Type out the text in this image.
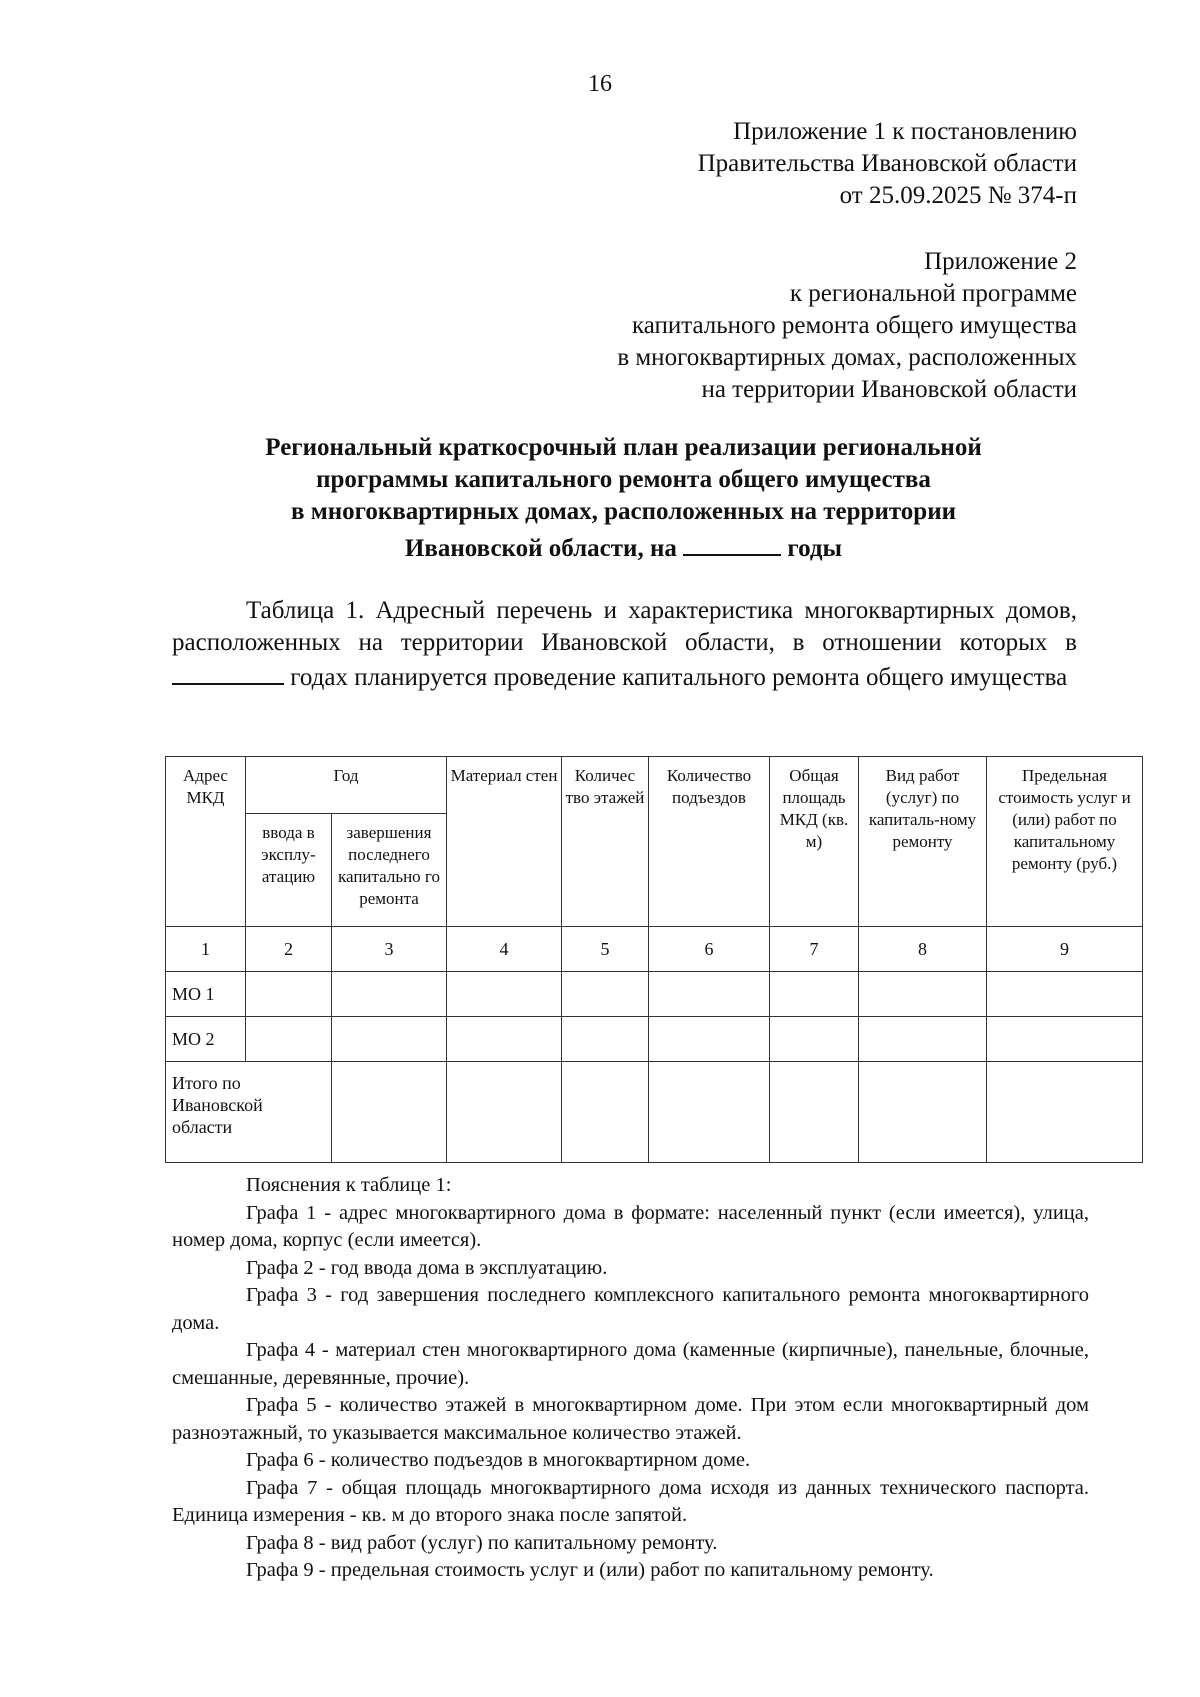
16
Приложение 1 к постановлению
Правительства Ивановской области
от 25.09.2025 № 374-п
Приложение 2
к региональной программе
капитального ремонта общего имущества
в многоквартирных домах, расположенных
на территории Ивановской области
Региональный краткосрочный план реализации региональной
программы капитального ремонта общего имущества
в многоквартирных домах, расположенных на территории
Ивановской области, на	годы

Таблица 1. Адресный перечень и характеристика многоквартирных домов, расположенных на территории Ивановской области, в отношении которых в  годах планируется проведение капитального ремонта общего имущества

Адрес МКД	Год		Материал стен	Количес тво этажей	Количество подъездов	Общая площадь МКД (кв. м)	Вид работ (услуг) по капиталь-ному ремонту	Предельная стоимость услуг и (или) работ по капитальному ремонту (руб.)
	ввода в эксплу-атацию	завершения последнего капитально го ремонта						
1	2	3	4	5	6	7	8	9
МО 1								
МО 2								
Итого по Ивановской области								

Пояснения к таблице 1:

Графа 1 - адрес многоквартирного дома в формате: населенный пункт (если имеется), улица, номер дома, корпус (если имеется).

Графа 2 - год ввода дома в эксплуатацию.

Графа 3 - год завершения последнего комплексного капитального ремонта многоквартирного дома.

Графа 4 - материал стен многоквартирного дома (каменные (кирпичные), панельные, блочные, смешанные, деревянные, прочие).

Графа 5 - количество этажей в многоквартирном доме. При этом если многоквартирный дом разноэтажный, то указывается максимальное количество этажей.

Графа 6 - количество подъездов в многоквартирном доме.

Графа 7 - общая площадь многоквартирного дома исходя из данных технического паспорта. Единица измерения - кв. м до второго знака после запятой.

Графа 8 - вид работ (услуг) по капитальному ремонту.

Графа 9 - предельная стоимость услуг и (или) работ по капитальному ремонту.
